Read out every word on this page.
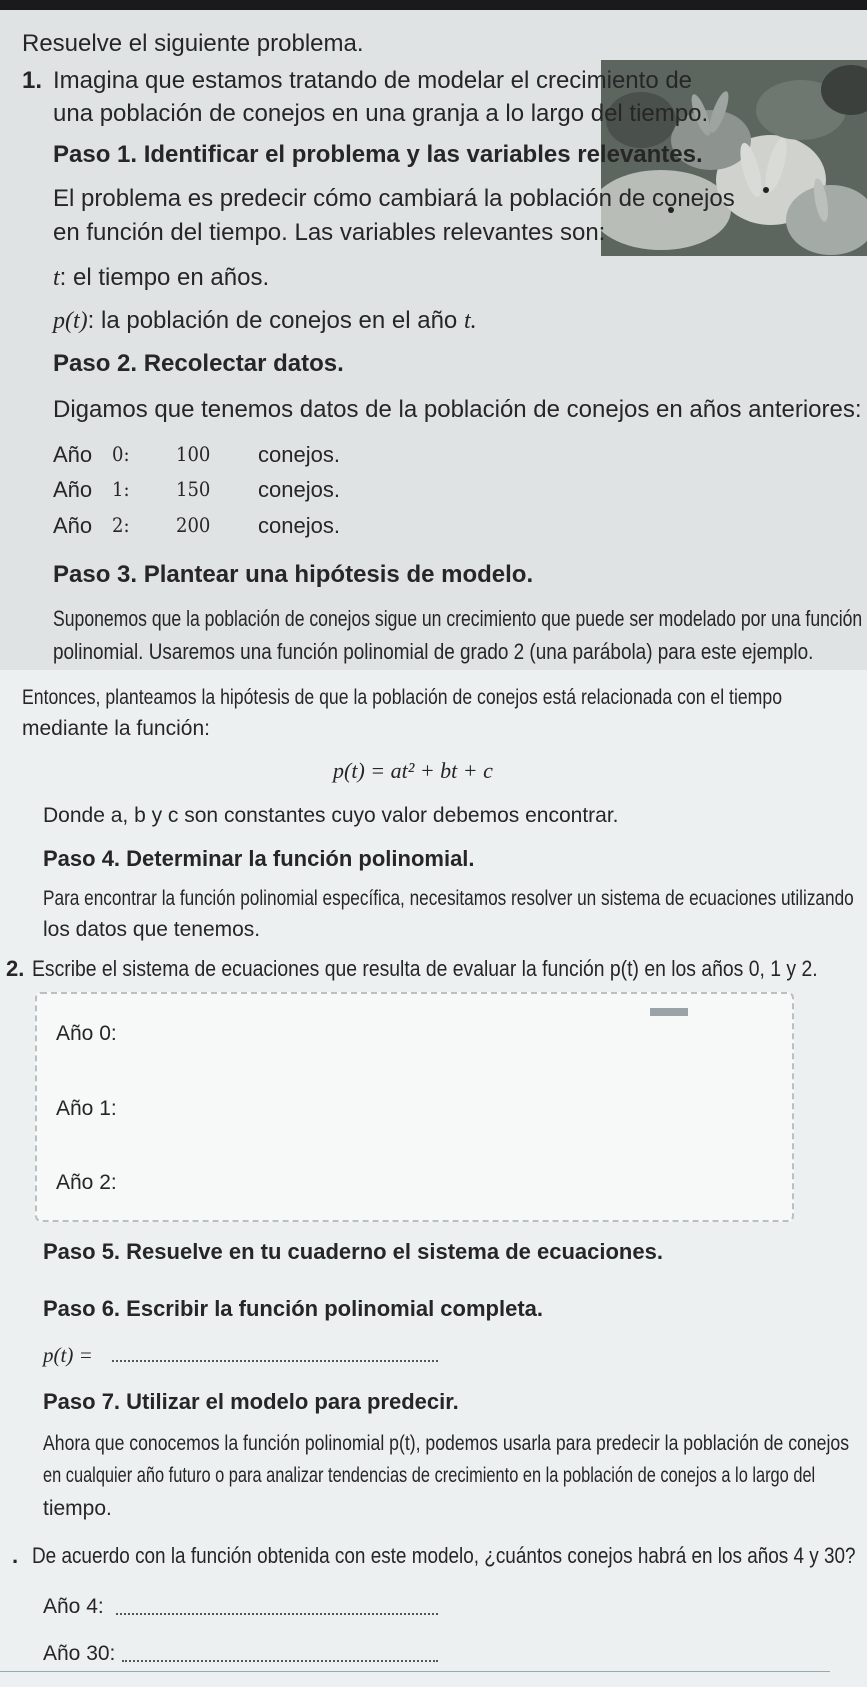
Resuelve el siguiente problema.
1. Imagina que estamos tratando de modelar el crecimiento de
una población de conejos en una granja a lo largo del tiempo.
Paso 1. Identificar el problema y las variables relevantes.
El problema es predecir cómo cambiará la población de conejos
en función del tiempo. Las variables relevantes son:
t: el tiempo en años.
p(t): la población de conejos en el año t.
Paso 2. Recolectar datos.
Digamos que tenemos datos de la población de conejos en años anteriores:
Año 0: 100 conejos.
Año 1: 150 conejos.
Año 2: 200 conejos.
Paso 3. Plantear una hipótesis de modelo.
Suponemos que la población de conejos sigue un crecimiento que puede ser modelado por una función
polinomial. Usaremos una función polinomial de grado 2 (una parábola) para este ejemplo.
Entonces, planteamos la hipótesis de que la población de conejos está relacionada con el tiempo
mediante la función:
p(t) = at² + bt + c
Donde a, b y c son constantes cuyo valor debemos encontrar.
Paso 4. Determinar la función polinomial.
Para encontrar la función polinomial específica, necesitamos resolver un sistema de ecuaciones utilizando
los datos que tenemos.
2. Escribe el sistema de ecuaciones que resulta de evaluar la función p(t) en los años 0, 1 y 2.
Año 0:
Año 1:
Año 2:
Paso 5. Resuelve en tu cuaderno el sistema de ecuaciones.
Paso 6. Escribir la función polinomial completa.
p(t) =
Paso 7. Utilizar el modelo para predecir.
Ahora que conocemos la función polinomial p(t), podemos usarla para predecir la población de conejos
en cualquier año futuro o para analizar tendencias de crecimiento en la población de conejos a lo largo del
tiempo.
. De acuerdo con la función obtenida con este modelo, ¿cuántos conejos habrá en los años 4 y 30?
Año 4:
Año 30:
